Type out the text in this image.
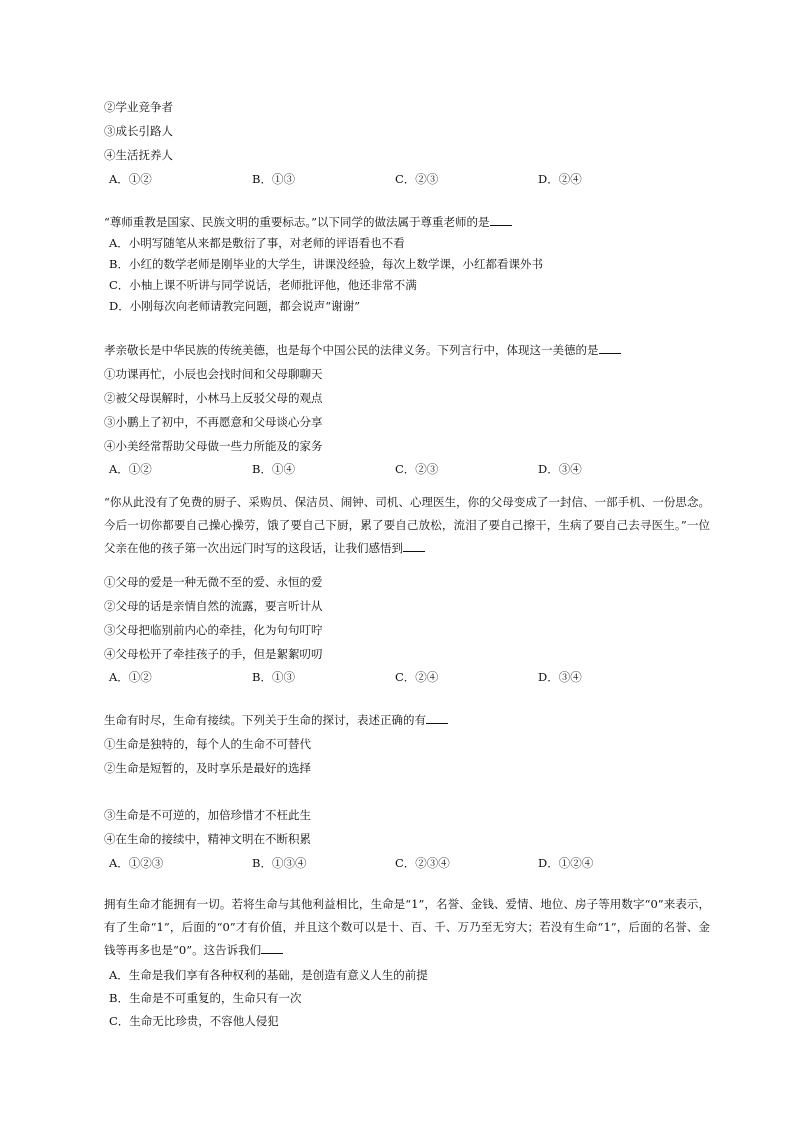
②学业竞争者
③成长引路人
④生活抚养人
A．①②	B．①③	C．②③	D．②④
“尊师重教是国家、民族文明的重要标志。”以下同学的做法属于尊重老师的是
A．小明写随笔从来都是敷衍了事，对老师的评语看也不看
B．小红的数学老师是刚毕业的大学生，讲课没经验，每次上数学课，小红都看课外书
C．小柚上课不听讲与同学说话，老师批评他，他还非常不满
D．小刚每次向老师请教完问题，都会说声“谢谢”
孝亲敬长是中华民族的传统美德，也是每个中国公民的法律义务。下列言行中，体现这一美德的是
①功课再忙，小辰也会找时间和父母聊聊天
②被父母误解时，小林马上反驳父母的观点
③小鹏上了初中，不再愿意和父母谈心分享
④小美经常帮助父母做一些力所能及的家务
A．①②	B．①④	C．②③	D．③④
“你从此没有了免费的厨子、采购员、保洁员、闹钟、司机、心理医生，你的父母变成了一封信、一部手机、一份思念。今后一切你都要自己操心操劳，饿了要自己下厨，累了要自己放松，流泪了要自己擦干，生病了要自己去寻医生。”一位父亲在他的孩子第一次出远门时写的这段话，让我们感悟到
①父母的爱是一种无微不至的爱、永恒的爱
②父母的话是亲情自然的流露，要言听计从
③父母把临别前内心的牵挂，化为句句叮咛
④父母松开了牵挂孩子的手，但是絮絮叨叨
A．①②	B．①③	C．②④	D．③④
生命有时尽，生命有接续。下列关于生命的探讨，表述正确的有
①生命是独特的，每个人的生命不可替代
②生命是短暂的，及时享乐是最好的选择
③生命是不可逆的，加倍珍惜才不枉此生
④在生命的接续中，精神文明在不断积累
A．①②③	B．①③④	C．②③④	D．①②④
拥有生命才能拥有一切。若将生命与其他利益相比，生命是“1”，名誉、金钱、爱情、地位、房子等用数字“0”来表示，有了生命“1”，后面的“0”才有价值，并且这个数可以是十、百、千、万乃至无穷大；若没有生命“1”，后面的名誉、金钱等再多也是“0”。这告诉我们
A．生命是我们享有各种权利的基础，是创造有意义人生的前提
B．生命是不可重复的，生命只有一次
C．生命无比珍贵，不容他人侵犯
